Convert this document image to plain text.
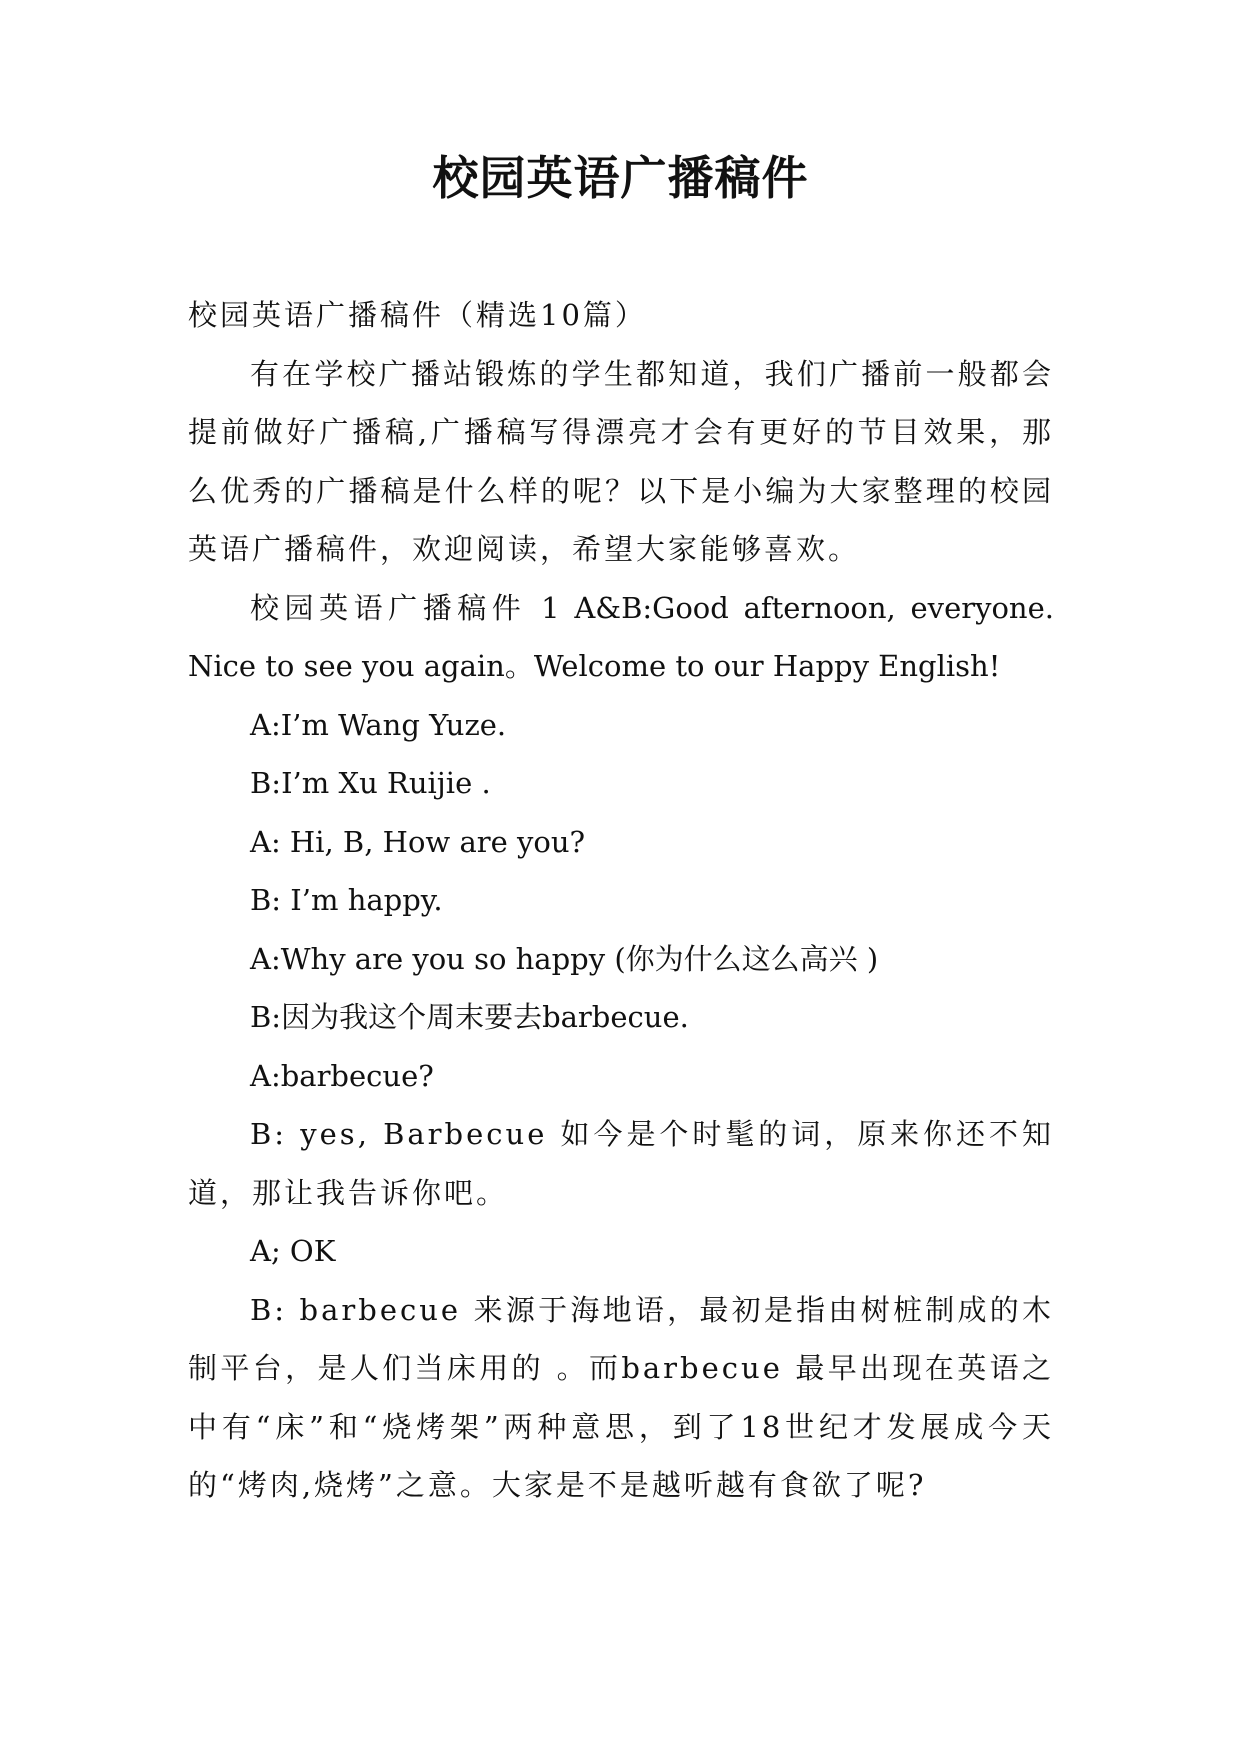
校园英语广播稿件

校园英语广播稿件（精选10篇）

有在学校广播站锻炼的学生都知道，我们广播前一般都会提前做好广播稿,广播稿写得漂亮才会有更好的节目效果，那么优秀的广播稿是什么样的呢？以下是小编为大家整理的校园英语广播稿件，欢迎阅读，希望大家能够喜欢。

校园英语广播稿件 1 A&B:Good afternoon, everyone. Nice to see you again。Welcome to our Happy English!

A:I’m Wang Yuze.

B:I’m Xu Ruijie .

A: Hi, B, How are you?

B: I’m happy.

A:Why are you so happy (你为什么这么高兴 )

B:因为我这个周末要去barbecue.

A:barbecue?

B: yes, Barbecue 如今是个时髦的词，原来你还不知道，那让我告诉你吧。

A; OK

B: barbecue 来源于海地语，最初是指由树桩制成的木制平台，是人们当床用的 。而barbecue 最早出现在英语之中有“床”和“烧烤架”两种意思，到了18世纪才发展成今天的“烤肉,烧烤”之意。大家是不是越听越有食欲了呢?
